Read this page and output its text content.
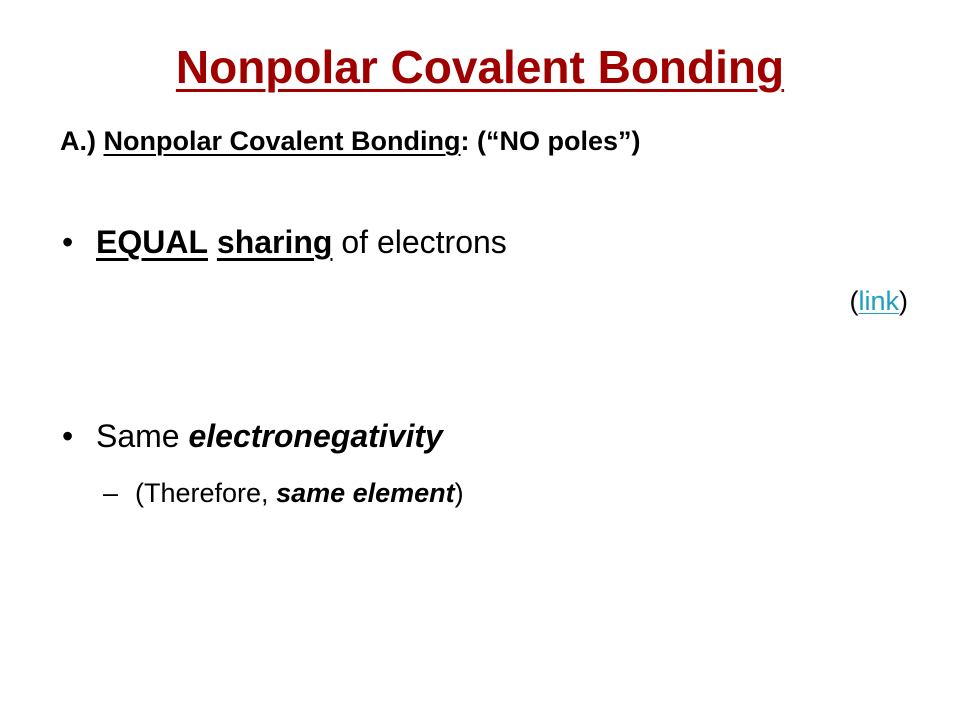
Nonpolar Covalent Bonding
A.) Nonpolar Covalent Bonding: (“NO poles”)
• EQUAL sharing of electrons
(link)
• Same electronegativity
– (Therefore, same element)
